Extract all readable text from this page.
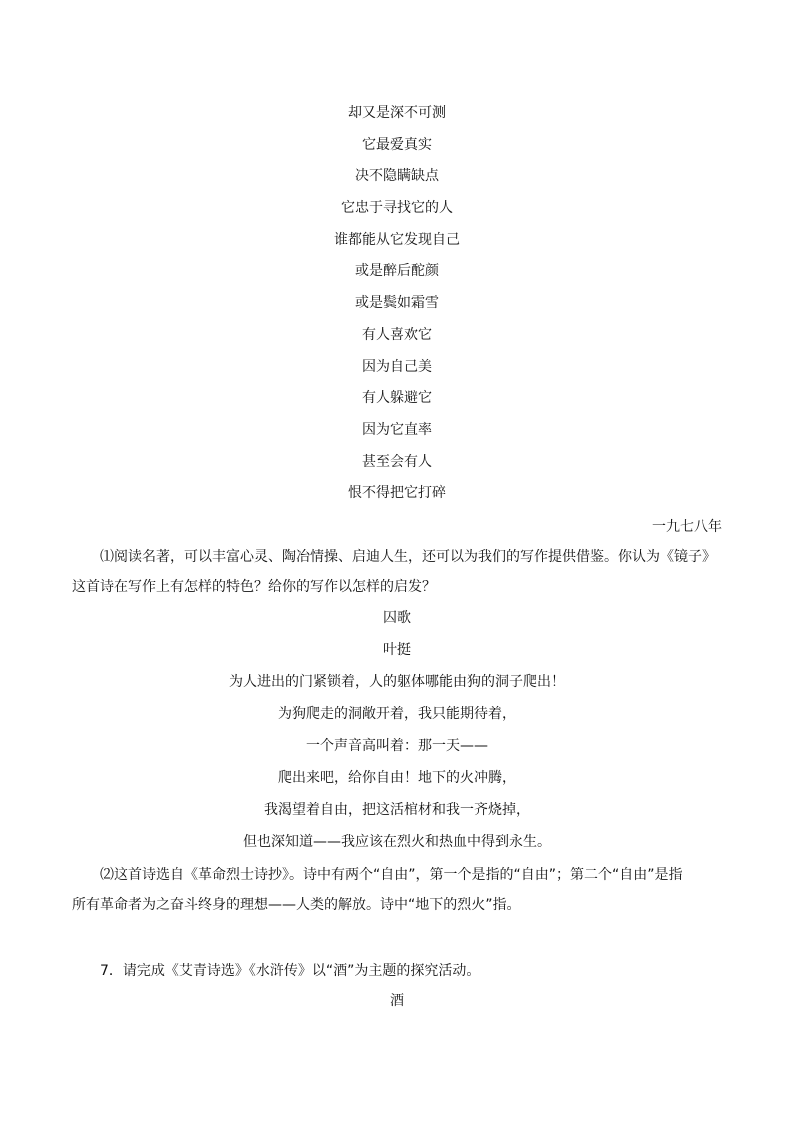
却又是深不可测
它最爱真实
决不隐瞒缺点
它忠于寻找它的人
谁都能从它发现自己
或是醉后酡颜
或是鬓如霜雪
有人喜欢它
因为自己美
有人躲避它
因为它直率
甚至会有人
恨不得把它打碎
一九七八年
⑴阅读名著，可以丰富心灵、陶冶情操、启迪人生，还可以为我们的写作提供借鉴。你认为《镜子》
这首诗在写作上有怎样的特色？给你的写作以怎样的启发？
囚歌
叶挺
为人进出的门紧锁着，人的躯体哪能由狗的洞子爬出！
为狗爬走的洞敞开着，我只能期待着，
一个声音高叫着：那一天——
爬出来吧，给你自由！地下的火冲腾，
我渴望着自由，把这活棺材和我一齐烧掉，
但也深知道——我应该在烈火和热血中得到永生。
⑵这首诗选自《革命烈士诗抄》。诗中有两个“自由”，第一个是指的“自由”；第二个“自由”是指
所有革命者为之奋斗终身的理想——人类的解放。诗中“地下的烈火”指。
7．请完成《艾青诗选》《水浒传》以“酒”为主题的探究活动。
酒
